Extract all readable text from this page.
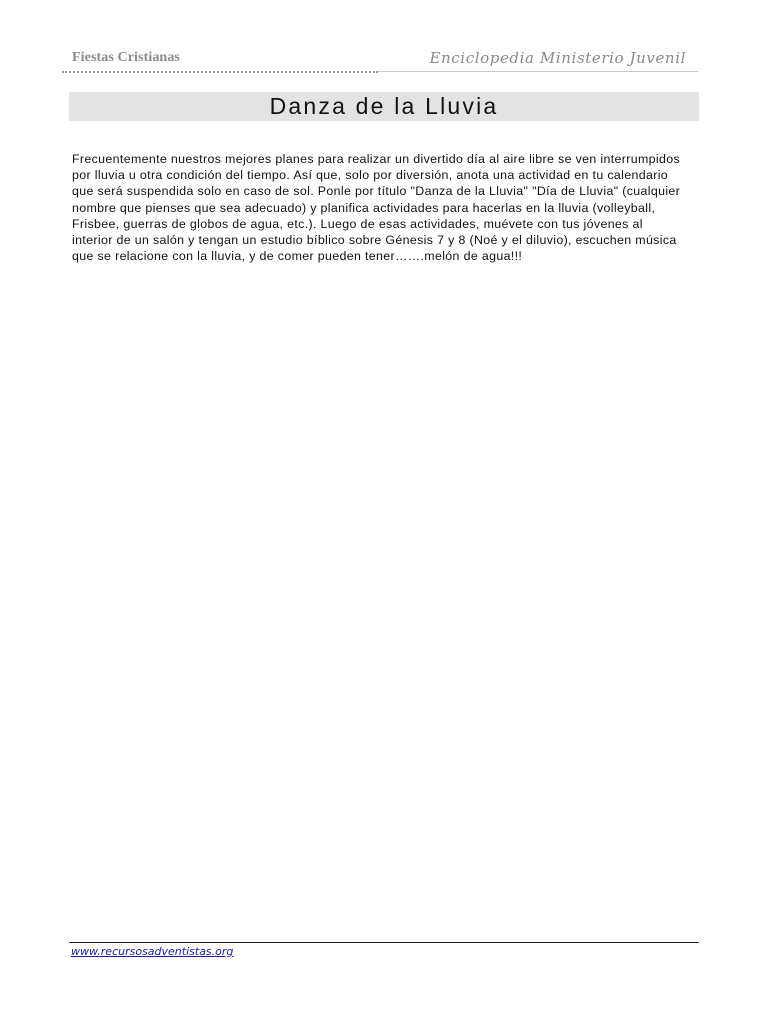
Fiestas Cristianas	Enciclopedia Ministerio Juvenil
Danza de la Lluvia
Frecuentemente nuestros mejores planes para realizar un divertido día al aire libre se ven interrumpidos por lluvia u otra condición del tiempo. Así que, solo por diversión, anota una actividad en tu calendario que será suspendida solo en caso de sol. Ponle por título "Danza de la Lluvia" "Día de Lluvia" (cualquier nombre que pienses que sea adecuado) y planifica actividades para hacerlas en la lluvia (volleyball, Frisbee, guerras de globos de agua, etc.). Luego de esas actividades, muévete con tus jóvenes al interior de un salón y tengan un estudio bíblico sobre Génesis 7 y 8 (Noé y el diluvio), escuchen música que se relacione con la lluvia, y de comer pueden tener…….melón de agua!!!
www.recursosadventistas.org
